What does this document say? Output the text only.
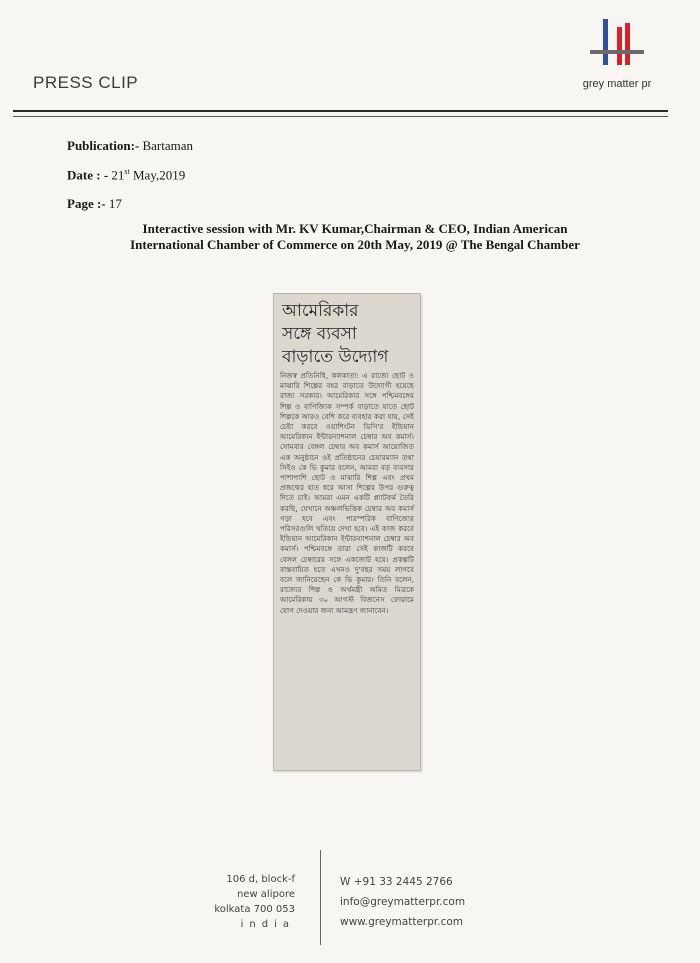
PRESS CLIP	grey matter pr
Publication:- Bartaman
Date : - 21st May,2019
Page :- 17
Interactive session with Mr. KV Kumar,Chairman & CEO, Indian American
International Chamber of Commerce on 20th May, 2019 @ The Bengal Chamber
আমেরিকার
সঙ্গে ব্যবসা
বাড়াতে উদ্যোগ
নিজস্ব প্রতিনিধি, কলকাতা: এ রাজ্যে ছোট ও মাঝারি শিল্পের বহর বাড়াতে উদ্যোগী হয়েছে রাজ্য সরকার। আমেরিকার সঙ্গে পশ্চিমবঙ্গের শিল্প ও বাণিজ্যিক সম্পর্ক বাড়াতে যাতে ছোট শিল্পকে আরও বেশি করে ব্যবহার করা যায়, সেই চেষ্টা করবে ওয়াশিংটন ডিসি'র ইন্ডিয়ান আমেরিকান ইন্টারন্যাশনাল চেম্বার অব কমার্স। সোমবার বেঙ্গল চেম্বার অব কমার্স আয়োজিত এক অনুষ্ঠানে ওই প্রতিষ্ঠানের চেয়ারম্যান তথা সিইও কে ভি কুমার বলেন, আমরা বড় ব্যবসার পাশাপাশি ছোট ও মাঝারি শিল্প এবং প্রথম প্রজন্মের হাত ধরে আসা শিল্পের উপর গুরুত্ব দিতে চাই। আমরা এমন একটি প্ল্যাটফর্ম তৈরি করছি, যেখানে অঞ্চলভিত্তিক চেম্বার অব কমার্স গড়া হবে এবং পারস্পরিক বাণিজ্যের পরিসরগুলি খতিয়ে দেখা হবে। এই কাজ করবে ইন্ডিয়ান আমেরিকান ইন্টারন্যাশনাল চেম্বার অব কমার্স। পশ্চিমবঙ্গে তারা সেই কাজটি করবে বেঙ্গল চেম্বারের সঙ্গে একজোট হয়ে। প্রকল্পটি বাস্তবায়িত হতে এখনও দু'বছর সময় লাগবে বলে জানিয়েছেন কে ভি কুমার। তিনি বলেন, রাজ্যের শিল্প ও অর্থমন্ত্রী অমিত মিত্রকে আমেরিকায় ৩০ আগস্ট বিজনেস ফোরামে যোগ দেওয়ার জন্য আমন্ত্রণ জানাবেন।
106 d, block-f
new alipore
kolkata 700 053
india
W +91 33 2445 2766
info@greymatterpr.com
www.greymatterpr.com
